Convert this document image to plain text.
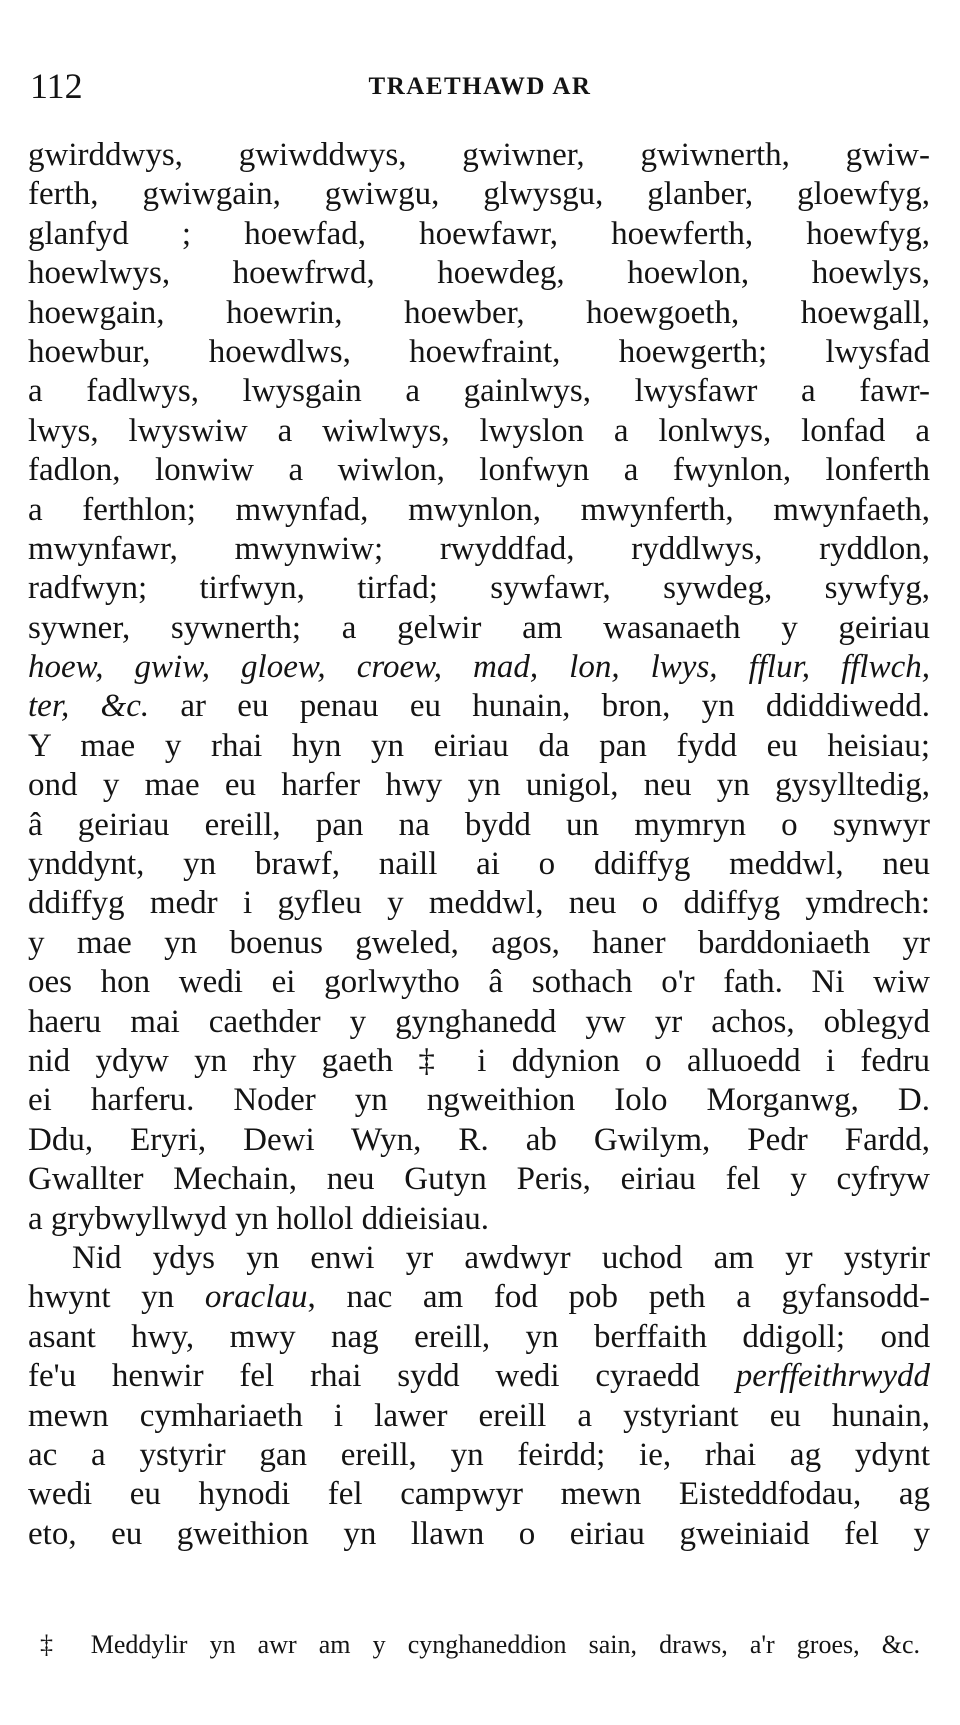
112	TRAETHAWD AR
gwirddwys, gwiwddwys, gwiwner, gwiwnerth, gwiw-
ferth, gwiwgain, gwiwgu, glwysgu, glanber, gloewfyg,
glanfyd ; hoewfad, hoewfawr, hoewferth, hoewfyg,
hoewlwys, hoewfrwd, hoewdeg, hoewlon, hoewlys,
hoewgain, hoewrin, hoewber, hoewgoeth, hoewgall,
hoewbur, hoewdlws, hoewfraint, hoewgerth; lwysfad
a fadlwys, lwysgain a gainlwys, lwysfawr a fawr-
lwys, lwyswiw a wiwlwys, lwyslon a lonlwys, lonfad a
fadlon, lonwiw a wiwlon, lonfwyn a fwynlon, lonferth
a ferthlon; mwynfad, mwynlon, mwynferth, mwynfaeth,
mwynfawr, mwynwiw; rwyddfad, ryddlwys, ryddlon,
radfwyn; tirfwyn, tirfad; sywfawr, sywdeg, sywfyg,
sywner, sywnerth; a gelwir am wasanaeth y geiriau
hoew, gwiw, gloew, croew, mad, lon, lwys, fflur, fflwch,
ter, &c. ar eu penau eu hunain, bron, yn ddiddiwedd.
Y mae y rhai hyn yn eiriau da pan fydd eu heisiau;
ond y mae eu harfer hwy yn unigol, neu yn gysylltedig,
â geiriau ereill, pan na bydd un mymryn o synwyr
ynddynt, yn brawf, naill ai o ddiffyg meddwl, neu
ddiffyg medr i gyfleu y meddwl, neu o ddiffyg ymdrech:
y mae yn boenus gweled, agos, haner barddoniaeth yr
oes hon wedi ei gorlwytho â sothach o'r fath. Ni wiw
haeru mai caethder y gynghanedd yw yr achos, oblegyd
nid ydyw yn rhy gaeth ‡ i ddynion o alluoedd i fedru
ei harferu. Noder yn ngweithion Iolo Morganwg, D.
Ddu, Eryri, Dewi Wyn, R. ab Gwilym, Pedr Fardd,
Gwallter Mechain, neu Gutyn Peris, eiriau fel y cyfryw
a grybwyllwyd yn hollol ddieisiau.
Nid ydys yn enwi yr awdwyr uchod am yr ystyrir
hwynt yn oraclau, nac am fod pob peth a gyfansodd-
asant hwy, mwy nag ereill, yn berffaith ddigoll; ond
fe'u henwir fel rhai sydd wedi cyraedd perffeithrwydd
mewn cymhariaeth i lawer ereill a ystyriant eu hunain,
ac a ystyrir gan ereill, yn feirdd; ie, rhai ag ydynt
wedi eu hynodi fel campwyr mewn Eisteddfodau, ag
eto, eu gweithion yn llawn o eiriau gweiniaid fel y
‡ Meddylir yn awr am y cynghaneddion sain, draws, a'r groes, &c.
